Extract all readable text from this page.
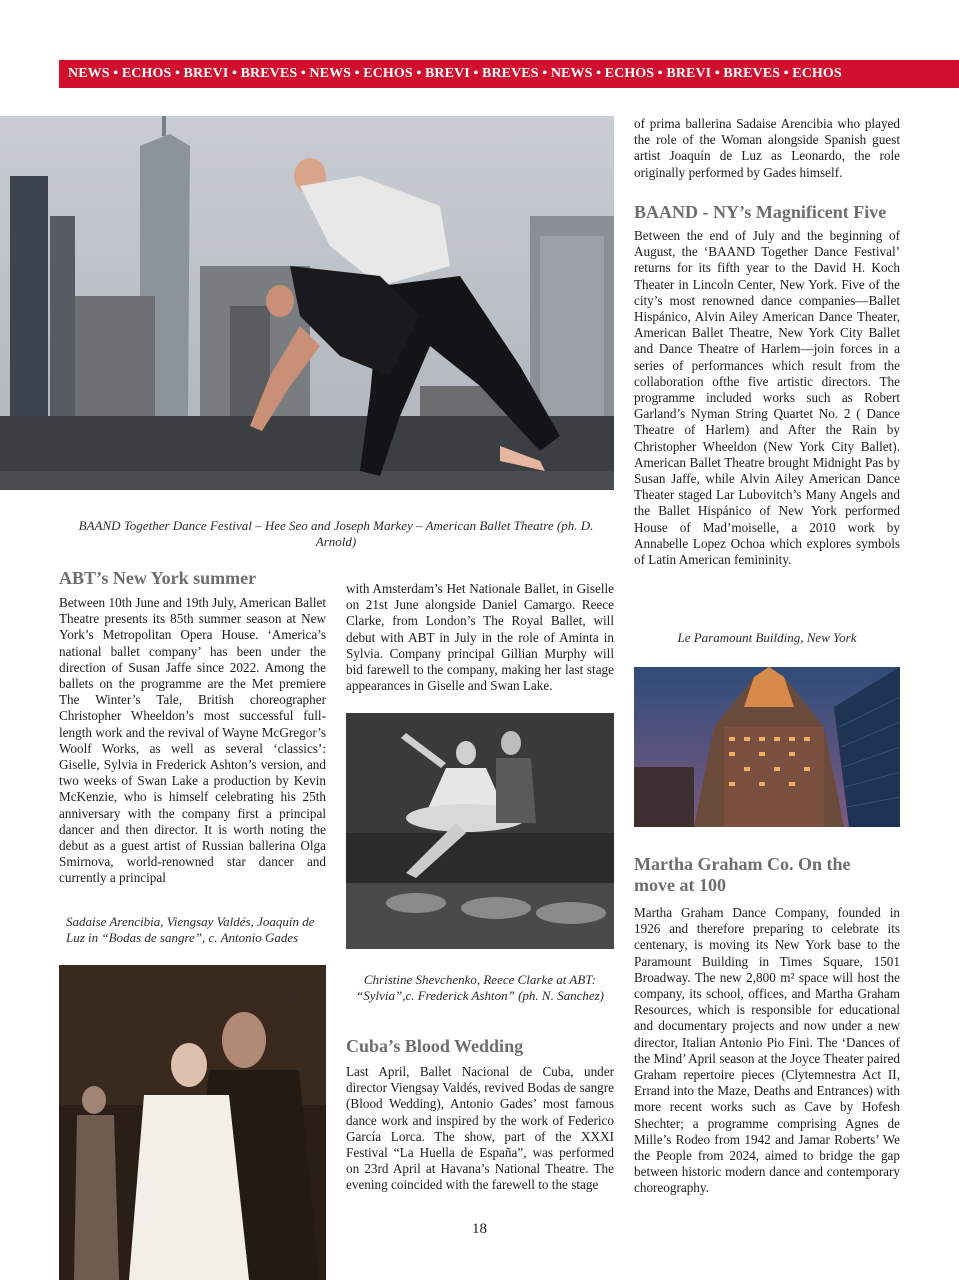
NEWS • ECHOS • BREVI • BREVES • NEWS • ECHOS • BREVI • BREVES • NEWS • ECHOS • BREVI • BREVES • ECHOS
BAAND Together Dance Festival – Hee Seo and Joseph Markey – American Ballet Theatre (ph. D. Arnold)
ABT’s New York summer
Between 10th June and 19th July, American Ballet Theatre presents its 85th summer season at New York’s Metropolitan Opera House. ‘America’s national ballet company’ has been under the direction of Susan Jaffe since 2022. Among the ballets on the programme are the Met premiere The Winter’s Tale, British choreographer Christopher Wheeldon’s most successful full-length work and the revival of Wayne McGregor’s Woolf Works, as well as several ‘classics’: Giselle, Sylvia in Frederick Ashton’s version, and two weeks of Swan Lake a production by Kevin McKenzie, who is himself celebrating his 25th anniversary with the company first a principal dancer and then director. It is worth noting the debut as a guest artist of Russian ballerina Olga Smirnova, world-renowned star dancer and currently a principal
with Amsterdam’s Het Nationale Ballet, in Giselle on 21st June alongside Daniel Camargo. Reece Clarke, from London’s The Royal Ballet, will debut with ABT in July in the role of Aminta in Sylvia. Company principal Gillian Murphy will bid farewell to the company, making her last stage appearances in Giselle and Swan Lake.
Christine Shevchenko, Reece Clarke at ABT: “Sylvia”,c. Frederick Ashton” (ph. N. Sanchez)
Sadaise Arencibia, Viengsay Valdés, Joaquín de Luz in “Bodas de sangre”, c. Antonio Gades
Cuba’s Blood Wedding
Last April, Ballet Nacional de Cuba, under director Viengsay Valdés, revived Bodas de sangre (Blood Wedding), Antonio Gades’ most famous dance work and inspired by the work of Federico García Lorca. The show, part of the XXXI Festival “La Huella de España”, was performed on 23rd April at Havana’s National Theatre. The evening coincided with the farewell to the stage
of prima ballerina Sadaise Arencibia who played the role of the Woman alongside Spanish guest artist Joaquín de Luz as Leonardo, the role originally performed by Gades himself.
BAAND - NY’s Magnificent Five
Between the end of July and the beginning of August, the ‘BAAND Together Dance Festival’ returns for its fifth year to the David H. Koch Theater in Lincoln Center, New York. Five of the city’s most renowned dance companies—Ballet Hispánico, Alvin Ailey American Dance Theater, American Ballet Theatre, New York City Ballet and Dance Theatre of Harlem—join forces in a series of performances which result from the collaboration ofthe five artistic directors. The programme included works such as Robert Garland’s Nyman String Quartet No. 2 ( Dance Theatre of Harlem) and After the Rain by Christopher Wheeldon (New York City Ballet). American Ballet Theatre brought Midnight Pas by Susan Jaffe, while Alvin Ailey American Dance Theater staged Lar Lubovitch’s Many Angels and the Ballet Hispánico of New York performed House of Mad’moiselle, a 2010 work by Annabelle Lopez Ochoa which explores symbols of Latin American femininity.
Le Paramount Building, New York
Martha Graham Co. On the move at 100
Martha Graham Dance Company, founded in 1926 and therefore preparing to celebrate its centenary, is moving its New York base to the Paramount Building in Times Square, 1501 Broadway. The new 2,800 m² space will host the company, its school, offices, and Martha Graham Resources, which is responsible for educational and documentary projects and now under a new director, Italian Antonio Pio Fini. The ‘Dances of the Mind’ April season at the Joyce Theater paired Graham repertoire pieces (Clytemnestra Act II, Errand into the Maze, Deaths and Entrances) with more recent works such as Cave by Hofesh Shechter; a programme comprising Agnes de Mille’s Rodeo from 1942 and Jamar Roberts’ We the People from 2024, aimed to bridge the gap between historic modern dance and contemporary choreography.
18
